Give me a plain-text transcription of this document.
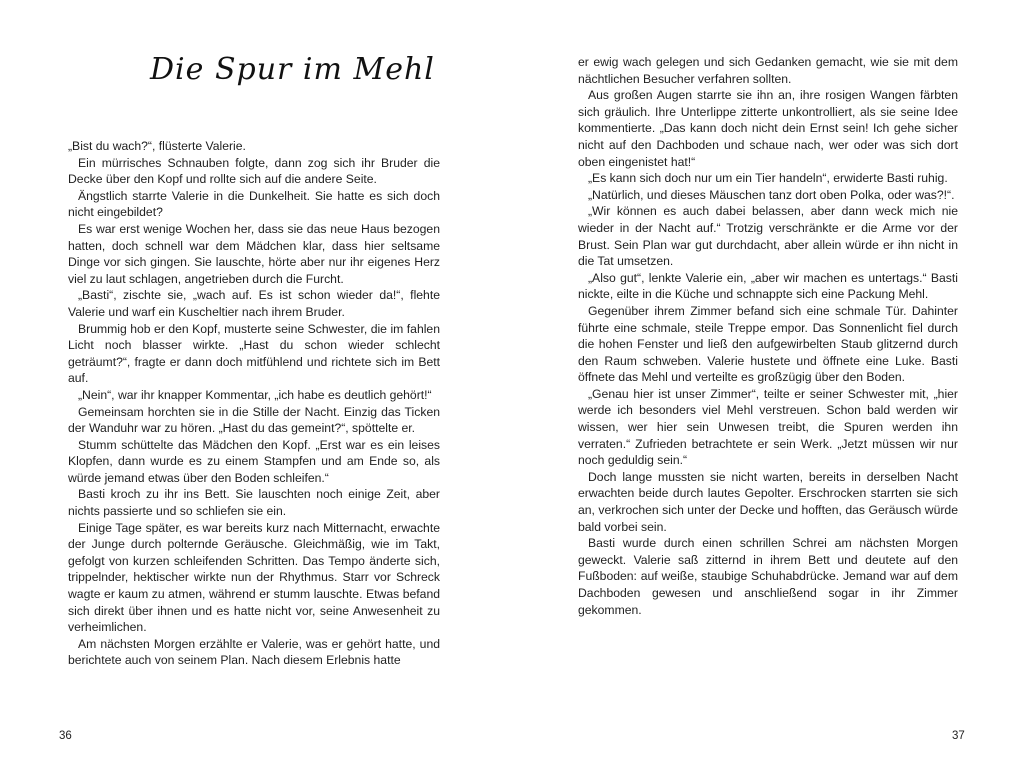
Die Spur im Mehl

„Bist du wach?“, flüsterte Valerie.

Ein mürrisches Schnauben folgte, dann zog sich ihr Bruder die Decke über den Kopf und rollte sich auf die andere Seite.

Ängstlich starrte Valerie in die Dunkelheit. Sie hatte es sich doch nicht eingebildet?

Es war erst wenige Wochen her, dass sie das neue Haus bezogen hatten, doch schnell war dem Mädchen klar, dass hier seltsame Dinge vor sich gingen. Sie lauschte, hörte aber nur ihr eigenes Herz viel zu laut schlagen, angetrieben durch die Furcht.

„Basti“, zischte sie, „wach auf. Es ist schon wieder da!“, flehte Valerie und warf ein Kuscheltier nach ihrem Bruder.

Brummig hob er den Kopf, musterte seine Schwester, die im fahlen Licht noch blasser wirkte. „Hast du schon wieder schlecht geträumt?“, fragte er dann doch mitfühlend und richtete sich im Bett auf.

„Nein“, war ihr knapper Kommentar, „ich habe es deutlich gehört!“

Gemeinsam horchten sie in die Stille der Nacht. Einzig das Ticken der Wanduhr war zu hören. „Hast du das gemeint?“, spöttelte er.

Stumm schüttelte das Mädchen den Kopf. „Erst war es ein leises Klopfen, dann wurde es zu einem Stampfen und am Ende so, als würde jemand etwas über den Boden schleifen.“

Basti kroch zu ihr ins Bett. Sie lauschten noch einige Zeit, aber nichts passierte und so schliefen sie ein.

Einige Tage später, es war bereits kurz nach Mitternacht, erwachte der Junge durch polternde Geräusche. Gleichmäßig, wie im Takt, gefolgt von kurzen schleifenden Schritten. Das Tempo änderte sich, trippelnder, hektischer wirkte nun der Rhythmus. Starr vor Schreck wagte er kaum zu atmen, während er stumm lauschte. Etwas befand sich direkt über ihnen und es hatte nicht vor, seine Anwesenheit zu verheimlichen.

Am nächsten Morgen erzählte er Valerie, was er gehört hatte, und berichtete auch von seinem Plan. Nach diesem Erlebnis hatte

36

er ewig wach gelegen und sich Gedanken gemacht, wie sie mit dem nächtlichen Besucher verfahren sollten.

Aus großen Augen starrte sie ihn an, ihre rosigen Wangen färbten sich gräulich. Ihre Unterlippe zitterte unkontrolliert, als sie seine Idee kommentierte. „Das kann doch nicht dein Ernst sein! Ich gehe sicher nicht auf den Dachboden und schaue nach, wer oder was sich dort oben eingenistet hat!“

„Es kann sich doch nur um ein Tier handeln“, erwiderte Basti ruhig.

„Natürlich, und dieses Mäuschen tanz dort oben Polka, oder was?!“.

„Wir können es auch dabei belassen, aber dann weck mich nie wieder in der Nacht auf.“ Trotzig verschränkte er die Arme vor der Brust. Sein Plan war gut durchdacht, aber allein würde er ihn nicht in die Tat umsetzen.

„Also gut“, lenkte Valerie ein, „aber wir machen es untertags.“ Basti nickte, eilte in die Küche und schnappte sich eine Packung Mehl.

Gegenüber ihrem Zimmer befand sich eine schmale Tür. Dahinter führte eine schmale, steile Treppe empor. Das Sonnenlicht fiel durch die hohen Fenster und ließ den aufgewirbelten Staub glitzernd durch den Raum schweben. Valerie hustete und öffnete eine Luke. Basti öffnete das Mehl und verteilte es großzügig über den Boden.

„Genau hier ist unser Zimmer“, teilte er seiner Schwester mit, „hier werde ich besonders viel Mehl verstreuen. Schon bald werden wir wissen, wer hier sein Unwesen treibt, die Spuren werden ihn verraten.“ Zufrieden betrachtete er sein Werk. „Jetzt müssen wir nur noch geduldig sein.“

Doch lange mussten sie nicht warten, bereits in derselben Nacht erwachten beide durch lautes Gepolter. Erschrocken starrten sie sich an, verkrochen sich unter der Decke und hofften, das Geräusch würde bald vorbei sein.

Basti wurde durch einen schrillen Schrei am nächsten Morgen geweckt. Valerie saß zitternd in ihrem Bett und deutete auf den Fußboden: auf weiße, staubige Schuhabdrücke. Jemand war auf dem Dachboden gewesen und anschließend sogar in ihr Zimmer gekommen.

37
